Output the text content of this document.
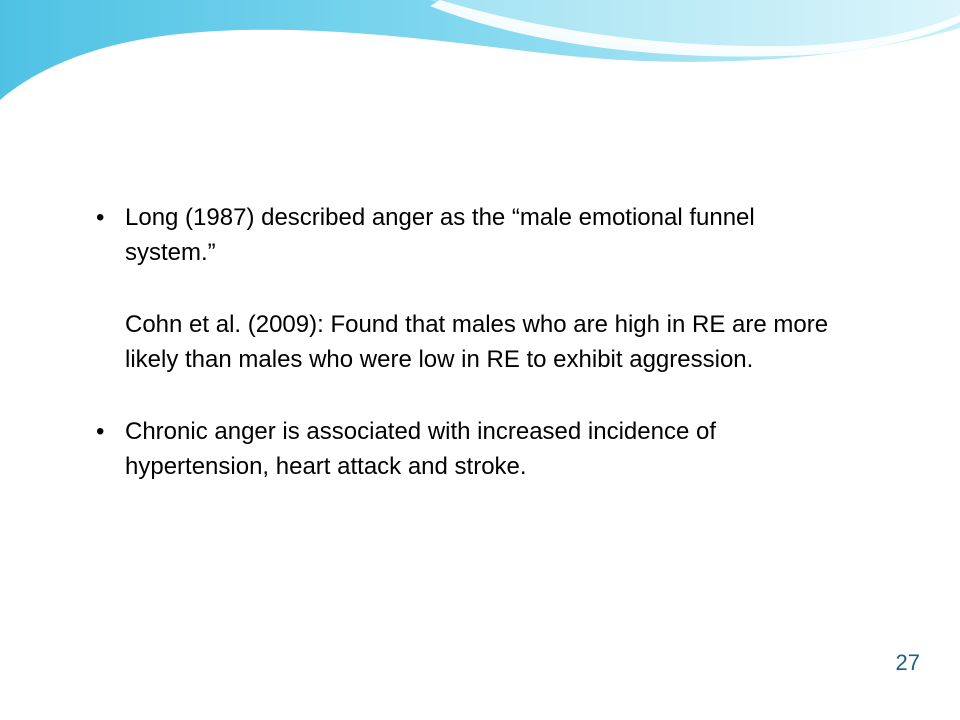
• Long (1987) described anger as the “male emotional funnel system.”
Cohn et al. (2009): Found that males who are high in RE are more likely than males who were low in RE to exhibit aggression.
• Chronic anger is associated with increased incidence of hypertension, heart attack and stroke.
27
